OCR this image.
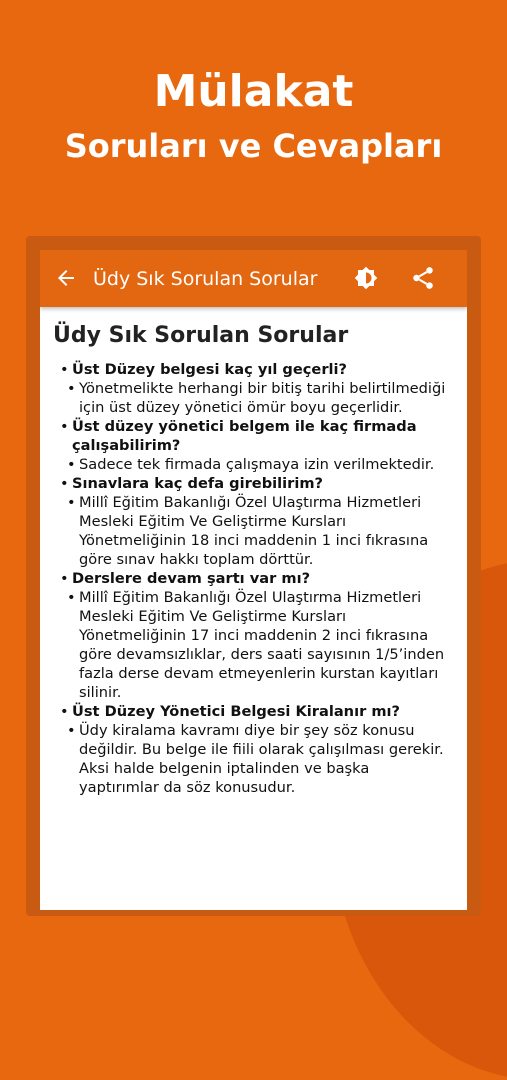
Mülakat
Soruları ve Cevapları
Üdy Sık Sorulan Sorular
Üdy Sık Sorulan Sorular
• Üst Düzey belgesi kaç yıl geçerli?
• Yönetmelikte herhangi bir bitiş tarihi belirtilmediği için üst düzey yönetici ömür boyu geçerlidir.
• Üst düzey yönetici belgem ile kaç firmada çalışabilirim?
• Sadece tek firmada çalışmaya izin verilmektedir.
• Sınavlara kaç defa girebilirim?
• Millî Eğitim Bakanlığı Özel Ulaştırma Hizmetleri Mesleki Eğitim Ve Geliştirme Kursları Yönetmeliğinin 18 inci maddenin 1 inci fıkrasına göre sınav hakkı toplam dörttür.
• Derslere devam şartı var mı?
• Millî Eğitim Bakanlığı Özel Ulaştırma Hizmetleri Mesleki Eğitim Ve Geliştirme Kursları Yönetmeliğinin 17 inci maddenin 2 inci fıkrasına göre devamsızlıklar, ders saati sayısının 1/5’inden fazla derse devam etmeyenlerin kurstan kayıtları silinir.
• Üst Düzey Yönetici Belgesi Kiralanır mı?
• Üdy kiralama kavramı diye bir şey söz konusu değildir. Bu belge ile fiili olarak çalışılması gerekir. Aksi halde belgenin iptalinden ve başka yaptırımlar da söz konusudur.
